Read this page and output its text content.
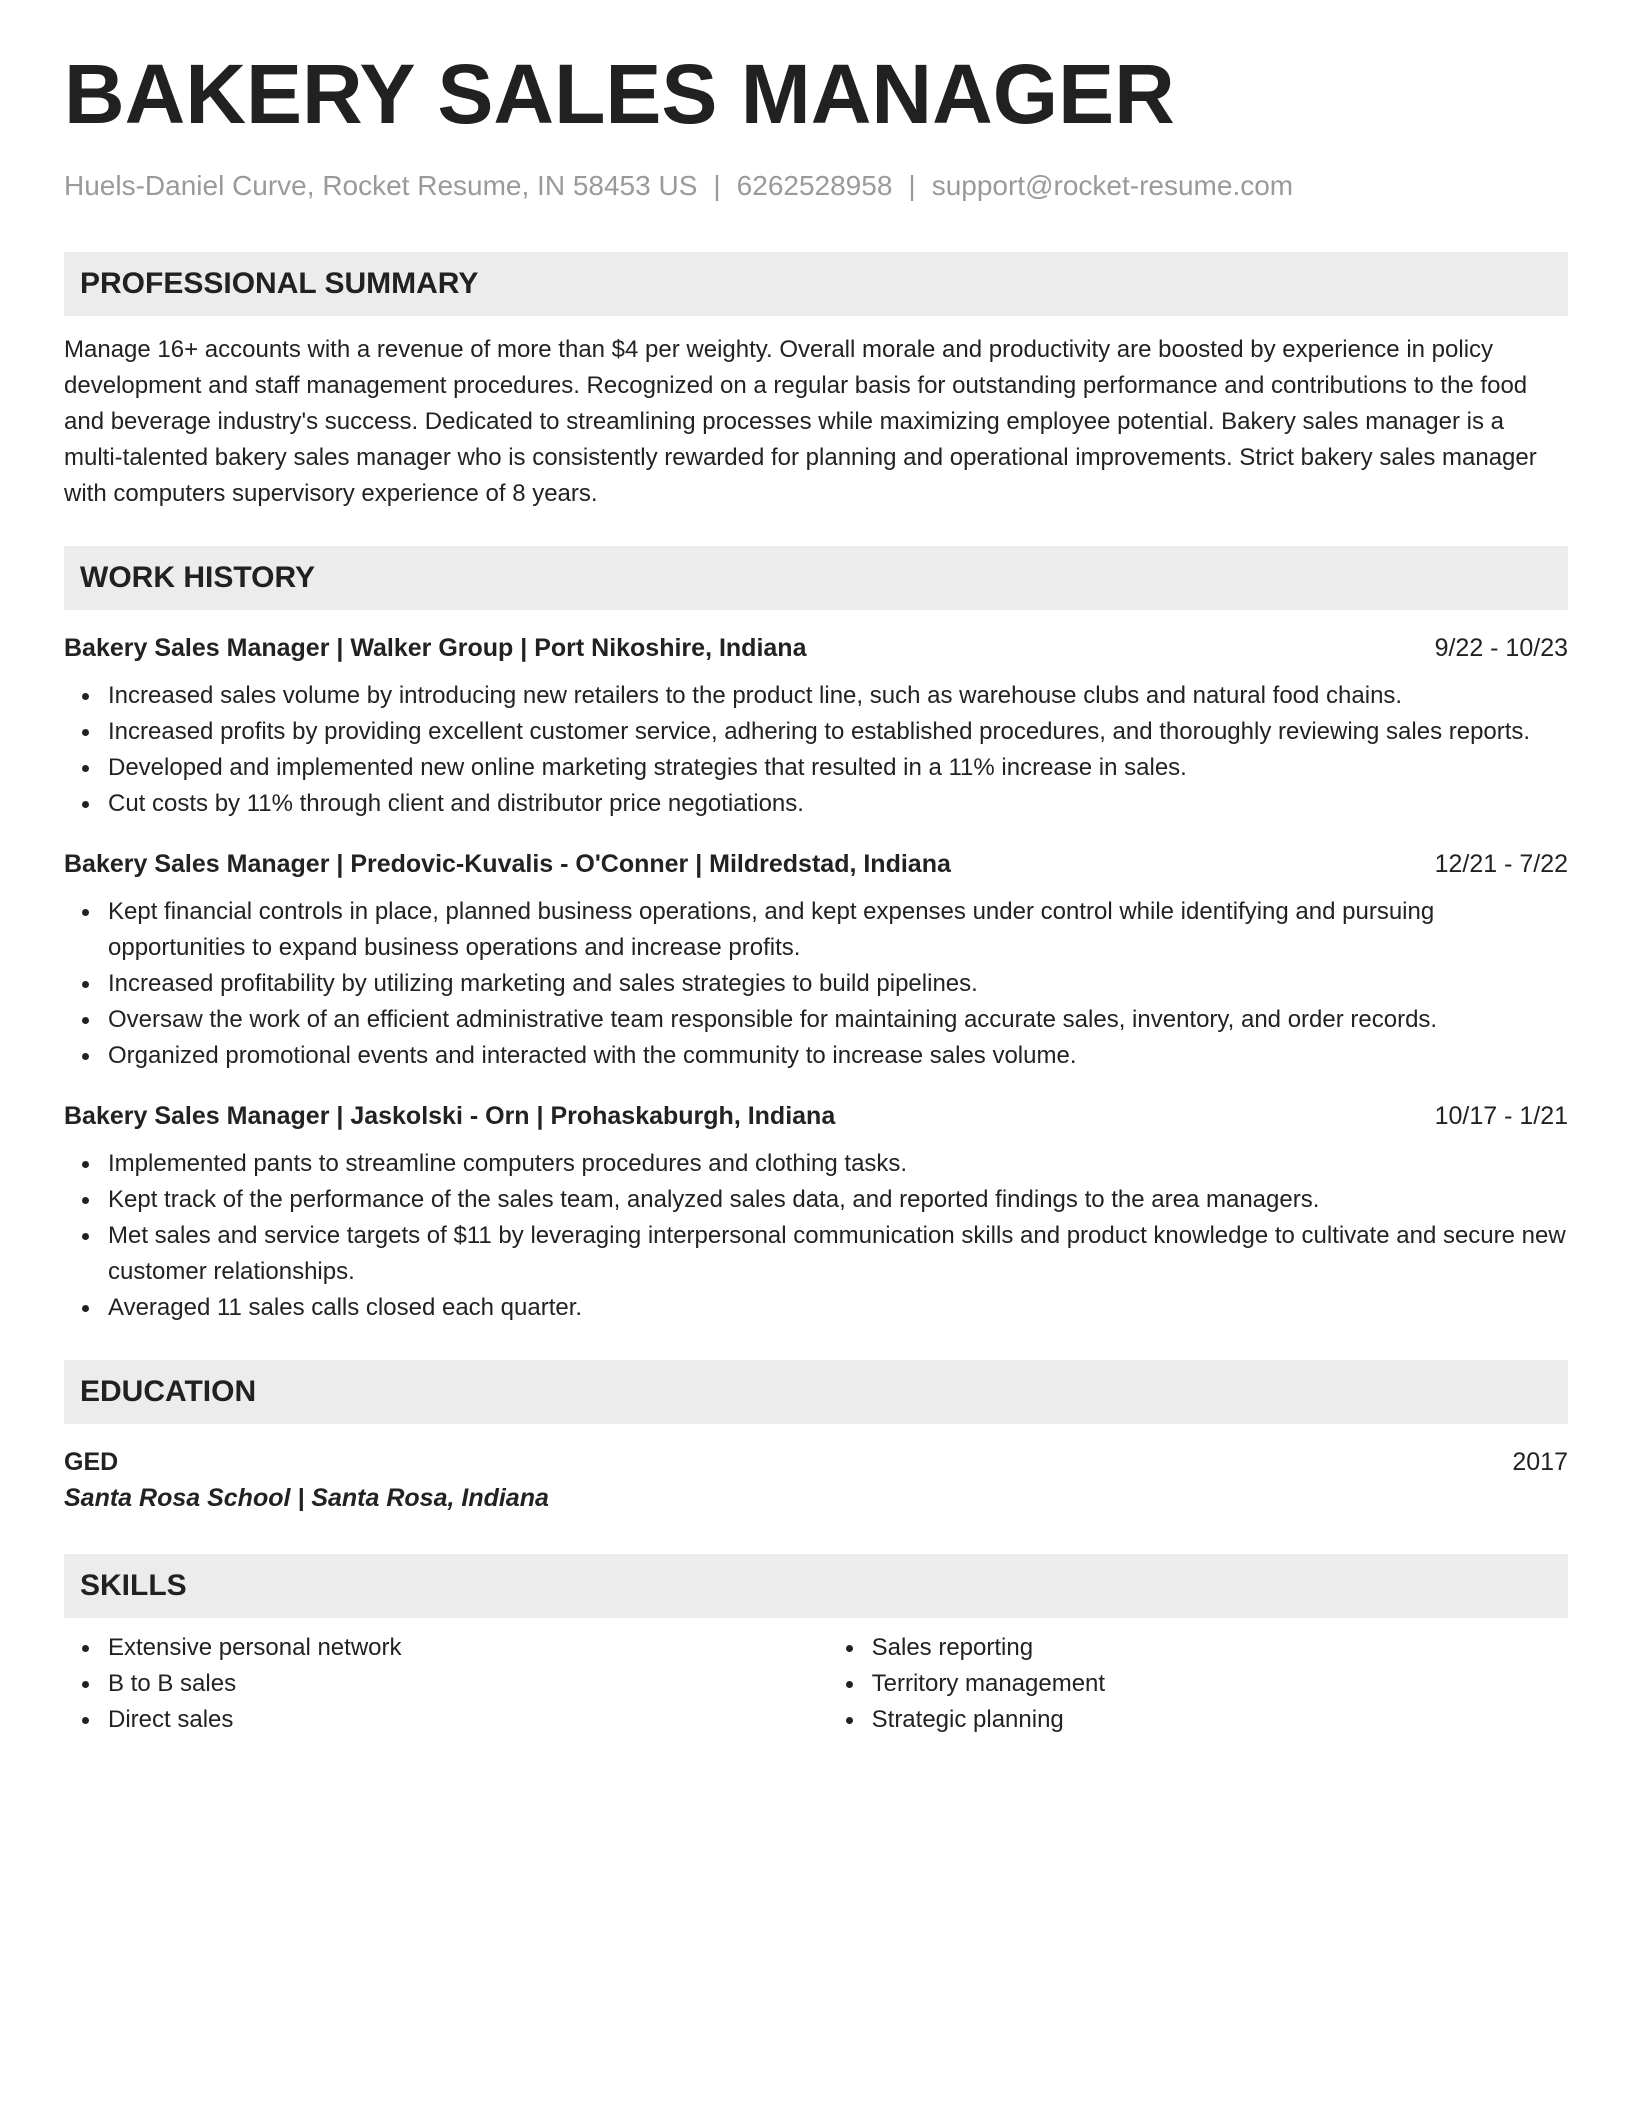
BAKERY SALES MANAGER
Huels-Daniel Curve, Rocket Resume, IN 58453 US | 6262528958 | support@rocket-resume.com
PROFESSIONAL SUMMARY

Manage 16+ accounts with a revenue of more than $4 per weighty. Overall morale and productivity are boosted by experience in policy development and staff management procedures. Recognized on a regular basis for outstanding performance and contributions to the food and beverage industry's success. Dedicated to streamlining processes while maximizing employee potential. Bakery sales manager is a multi-talented bakery sales manager who is consistently rewarded for planning and operational improvements. Strict bakery sales manager with computers supervisory experience of 8 years.

WORK HISTORY
Bakery Sales Manager | Walker Group | Port Nikoshire, Indiana	9/22 - 10/23
Increased sales volume by introducing new retailers to the product line, such as warehouse clubs and natural food chains.
Increased profits by providing excellent customer service, adhering to established procedures, and thoroughly reviewing sales reports.
Developed and implemented new online marketing strategies that resulted in a 11% increase in sales.
Cut costs by 11% through client and distributor price negotiations.
Bakery Sales Manager | Predovic-Kuvalis - O'Conner | Mildredstad, Indiana	12/21 - 7/22
Kept financial controls in place, planned business operations, and kept expenses under control while identifying and pursuing opportunities to expand business operations and increase profits.
Increased profitability by utilizing marketing and sales strategies to build pipelines.
Oversaw the work of an efficient administrative team responsible for maintaining accurate sales, inventory, and order records.
Organized promotional events and interacted with the community to increase sales volume.
Bakery Sales Manager | Jaskolski - Orn | Prohaskaburgh, Indiana	10/17 - 1/21
Implemented pants to streamline computers procedures and clothing tasks.
Kept track of the performance of the sales team, analyzed sales data, and reported findings to the area managers.
Met sales and service targets of $11 by leveraging interpersonal communication skills and product knowledge to cultivate and secure new customer relationships.
Averaged 11 sales calls closed each quarter.
EDUCATION
GED	2017
Santa Rosa School | Santa Rosa, Indiana
SKILLS
Extensive personal network
B to B sales
Direct sales
Sales reporting
Territory management
Strategic planning
